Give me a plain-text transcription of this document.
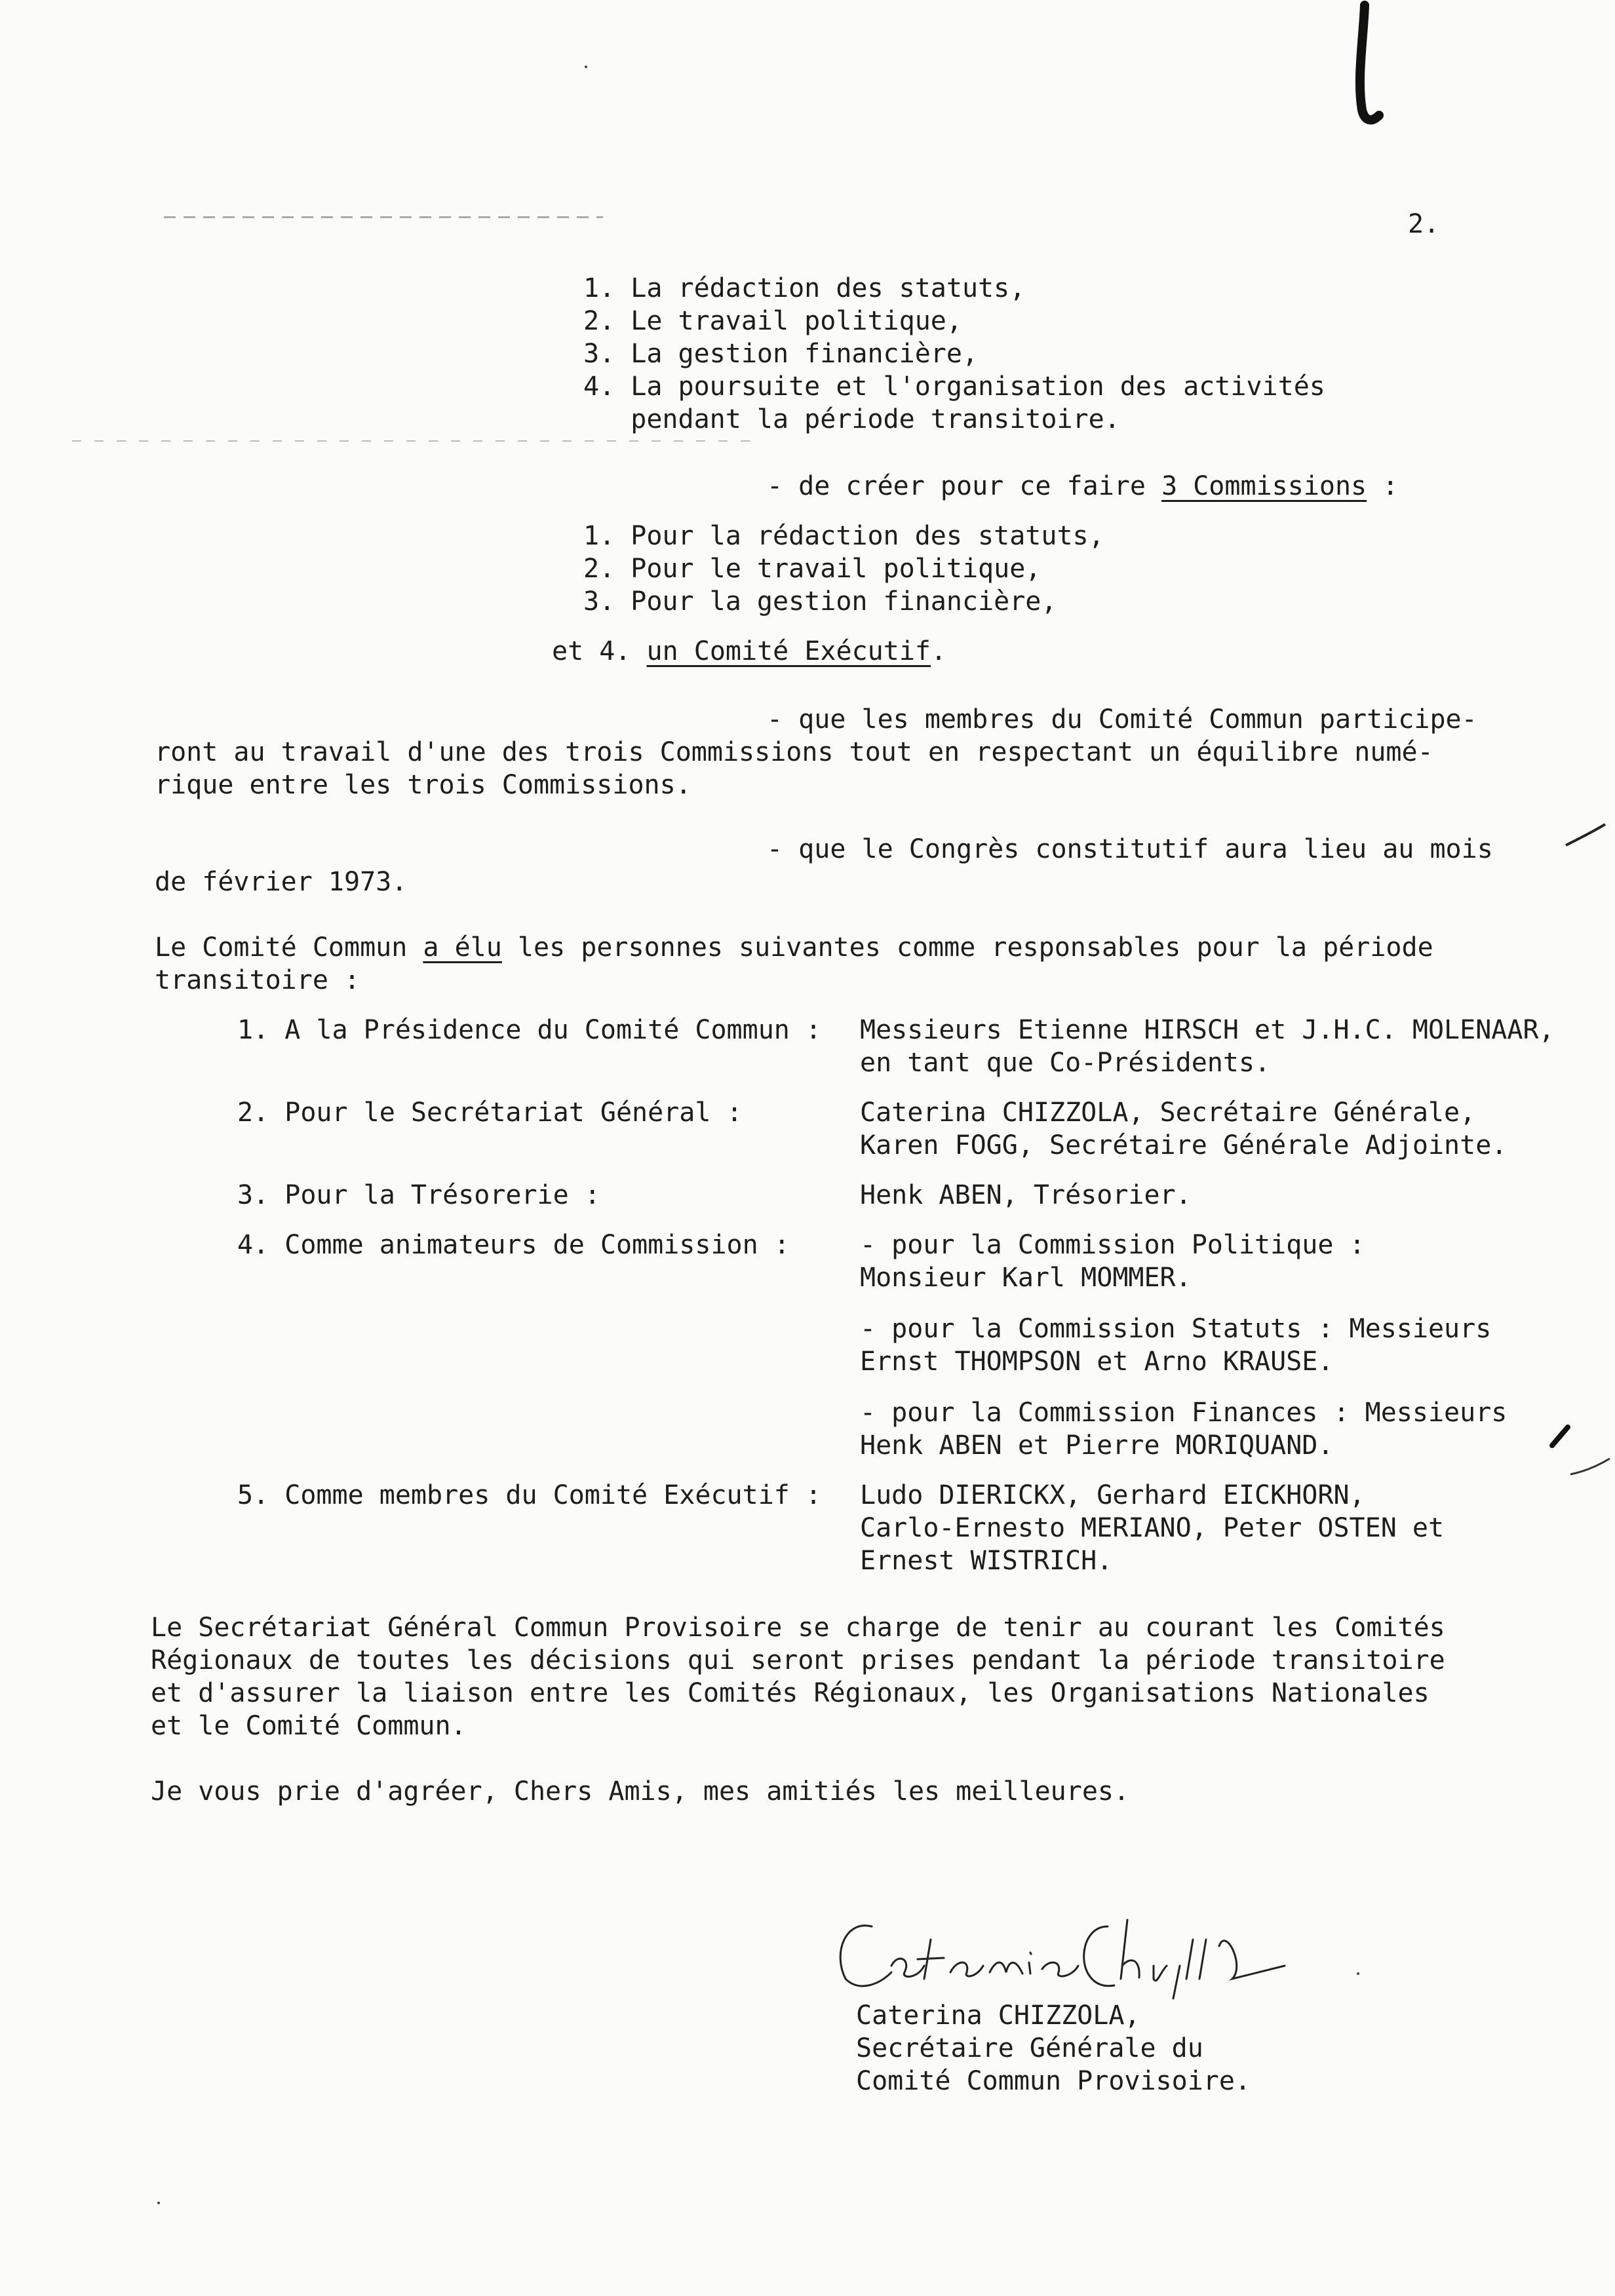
2.
1. La rédaction des statuts,
2. Le travail politique,
3. La gestion financière,
4. La poursuite et l'organisation des activités
pendant la période transitoire.
- de créer pour ce faire 3 Commissions :
1. Pour la rédaction des statuts,
2. Pour le travail politique,
3. Pour la gestion financière,
et 4. un Comité Exécutif.
- que les membres du Comité Commun participe-
ront au travail d'une des trois Commissions tout en respectant un équilibre numé-
rique entre les trois Commissions.
- que le Congrès constitutif aura lieu au mois
de février 1973.
Le Comité Commun a élu les personnes suivantes comme responsables pour la période
transitoire :
1. A la Présidence du Comité Commun :
2. Pour le Secrétariat Général :
3. Pour la Trésorerie :
4. Comme animateurs de Commission :
5. Comme membres du Comité Exécutif :
Messieurs Etienne HIRSCH et J.H.C. MOLENAAR,
en tant que Co-Présidents.
Caterina CHIZZOLA, Secrétaire Générale,
Karen FOGG, Secrétaire Générale Adjointe.
Henk ABEN, Trésorier.
- pour la Commission Politique :
Monsieur Karl MOMMER.
- pour la Commission Statuts : Messieurs
Ernst THOMPSON et Arno KRAUSE.
- pour la Commission Finances : Messieurs
Henk ABEN et Pierre MORIQUAND.
Ludo DIERICKX, Gerhard EICKHORN,
Carlo-Ernesto MERIANO, Peter OSTEN et
Ernest WISTRICH.
Le Secrétariat Général Commun Provisoire se charge de tenir au courant les Comités
Régionaux de toutes les décisions qui seront prises pendant la période transitoire
et d'assurer la liaison entre les Comités Régionaux, les Organisations Nationales
et le Comité Commun.
Je vous prie d'agréer, Chers Amis, mes amitiés les meilleures.
Caterina CHIZZOLA,
Secrétaire Générale du
Comité Commun Provisoire.
